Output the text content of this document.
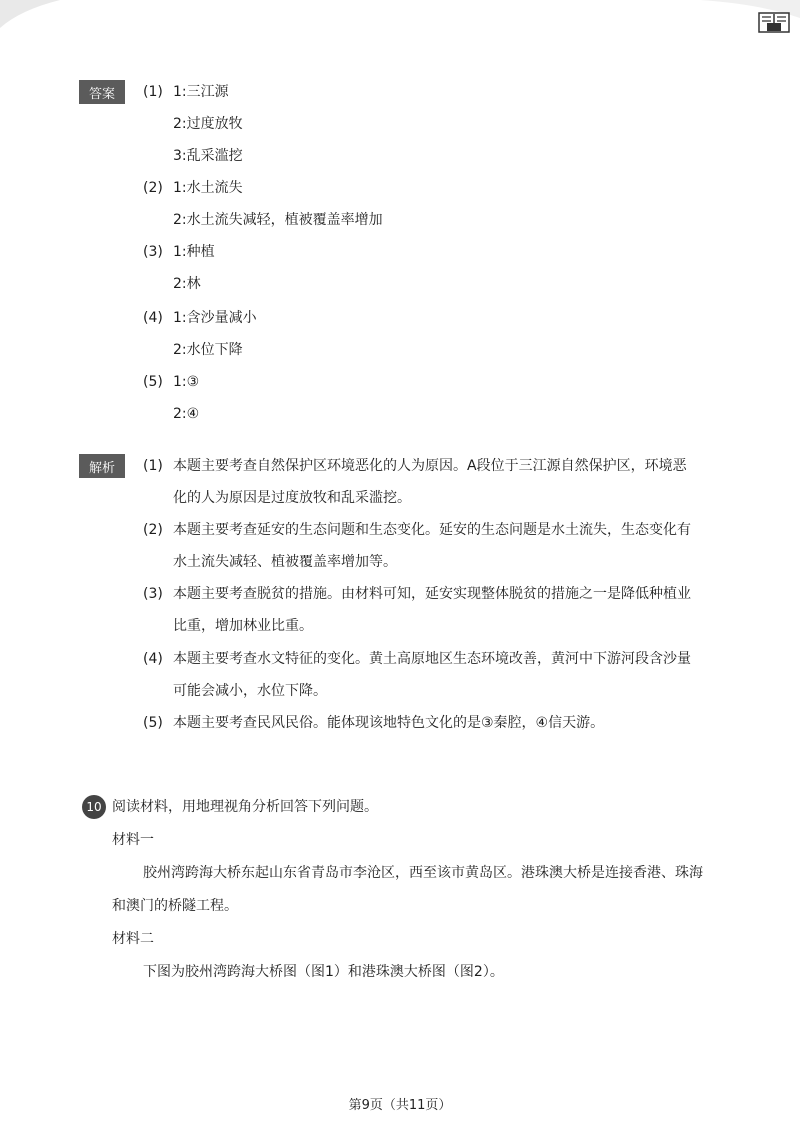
答案	(1) 1:三江源
2:过度放牧
3:乱采滥挖
(2) 1:水土流失
2:水土流失减轻，植被覆盖率增加
(3) 1:种植
2:林
(4) 1:含沙量减小
2:水位下降
(5) 1:③
2:④
解析	(1) 本题主要考查自然保护区环境恶化的人为原因。A段位于三江源自然保护区，环境恶
化的人为原因是过度放牧和乱采滥挖。
(2) 本题主要考查延安的生态问题和生态变化。延安的生态问题是水土流失，生态变化有
水土流失减轻、植被覆盖率增加等。
(3) 本题主要考查脱贫的措施。由材料可知，延安实现整体脱贫的措施之一是降低种植业
比重，增加林业比重。
(4) 本题主要考查水文特征的变化。黄土高原地区生态环境改善，黄河中下游河段含沙量
可能会减小，水位下降。
(5) 本题主要考查民风民俗。能体现该地特色文化的是③秦腔，④信天游。
10 阅读材料，用地理视角分析回答下列问题。
材料一
胶州湾跨海大桥东起山东省青岛市李沧区，西至该市黄岛区。港珠澳大桥是连接香港、珠海
和澳门的桥隧工程。
材料二
下图为胶州湾跨海大桥图（图1）和港珠澳大桥图（图2）。
第9页（共11页）
